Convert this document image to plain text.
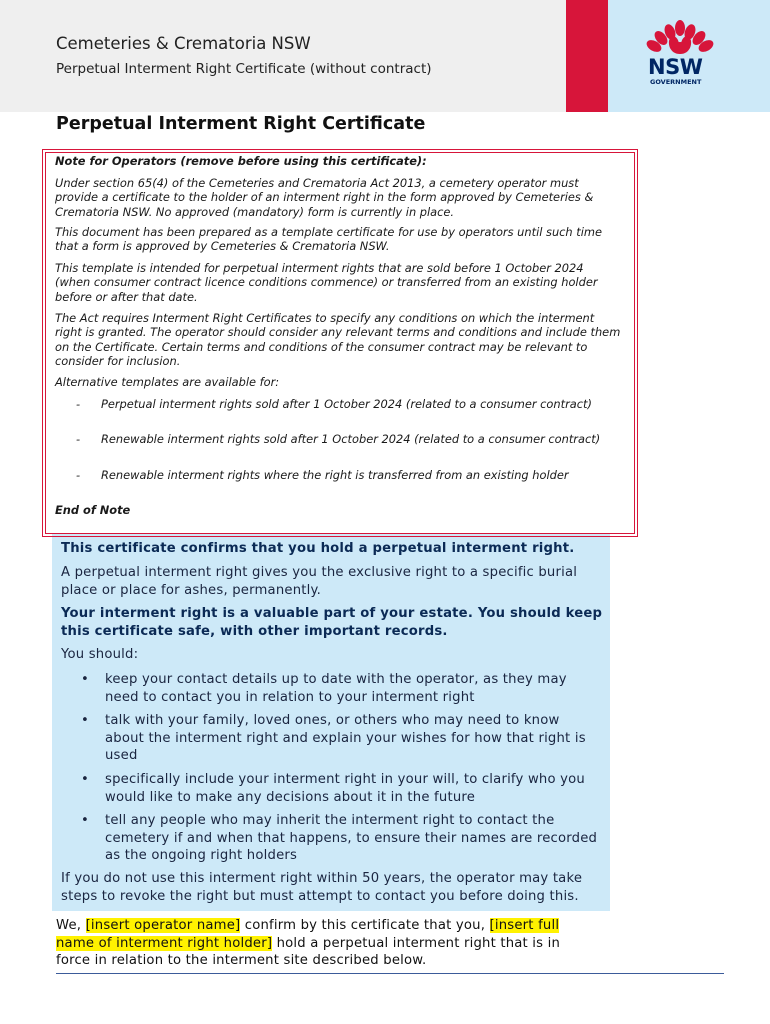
Cemeteries & Crematoria NSW
Perpetual Interment Right Certificate (without contract)	NSW
GOVERNMENT
Perpetual Interment Right Certificate

Note for Operators (remove before using this certificate):

Under section 65(4) of the Cemeteries and Crematoria Act 2013, a cemetery operator must provide a certificate to the holder of an interment right in the form approved by Cemeteries & Crematoria NSW. No approved (mandatory) form is currently in place.

This document has been prepared as a template certificate for use by operators until such time that a form is approved by Cemeteries & Crematoria NSW.

This template is intended for perpetual interment rights that are sold before 1 October 2024 (when consumer contract licence conditions commence) or transferred from an existing holder before or after that date.

The Act requires Interment Right Certificates to specify any conditions on which the interment right is granted. The operator should consider any relevant terms and conditions and include them on the Certificate. Certain terms and conditions of the consumer contract may be relevant to consider for inclusion.

Alternative templates are available for:

- Perpetual interment rights sold after 1 October 2024 (related to a consumer contract)
- Renewable interment rights sold after 1 October 2024 (related to a consumer contract)
- Renewable interment rights where the right is transferred from an existing holder

End of Note

This certificate confirms that you hold a perpetual interment right.
A perpetual interment right gives you the exclusive right to a specific burial place or place for ashes, permanently.
Your interment right is a valuable part of your estate. You should keep this certificate safe, with other important records.
You should:
• keep your contact details up to date with the operator, as they may need to contact you in relation to your interment right
• talk with your family, loved ones, or others who may need to know about the interment right and explain your wishes for how that right is used
• specifically include your interment right in your will, to clarify who you would like to make any decisions about it in the future
• tell any people who may inherit the interment right to contact the cemetery if and when that happens, to ensure their names are recorded as the ongoing right holders
If you do not use this interment right within 50 years, the operator may take steps to revoke the right but must attempt to contact you before doing this.
We, [insert operator name] confirm by this certificate that you, [insert full name of interment right holder] hold a perpetual interment right that is in force in relation to the interment site described below.
